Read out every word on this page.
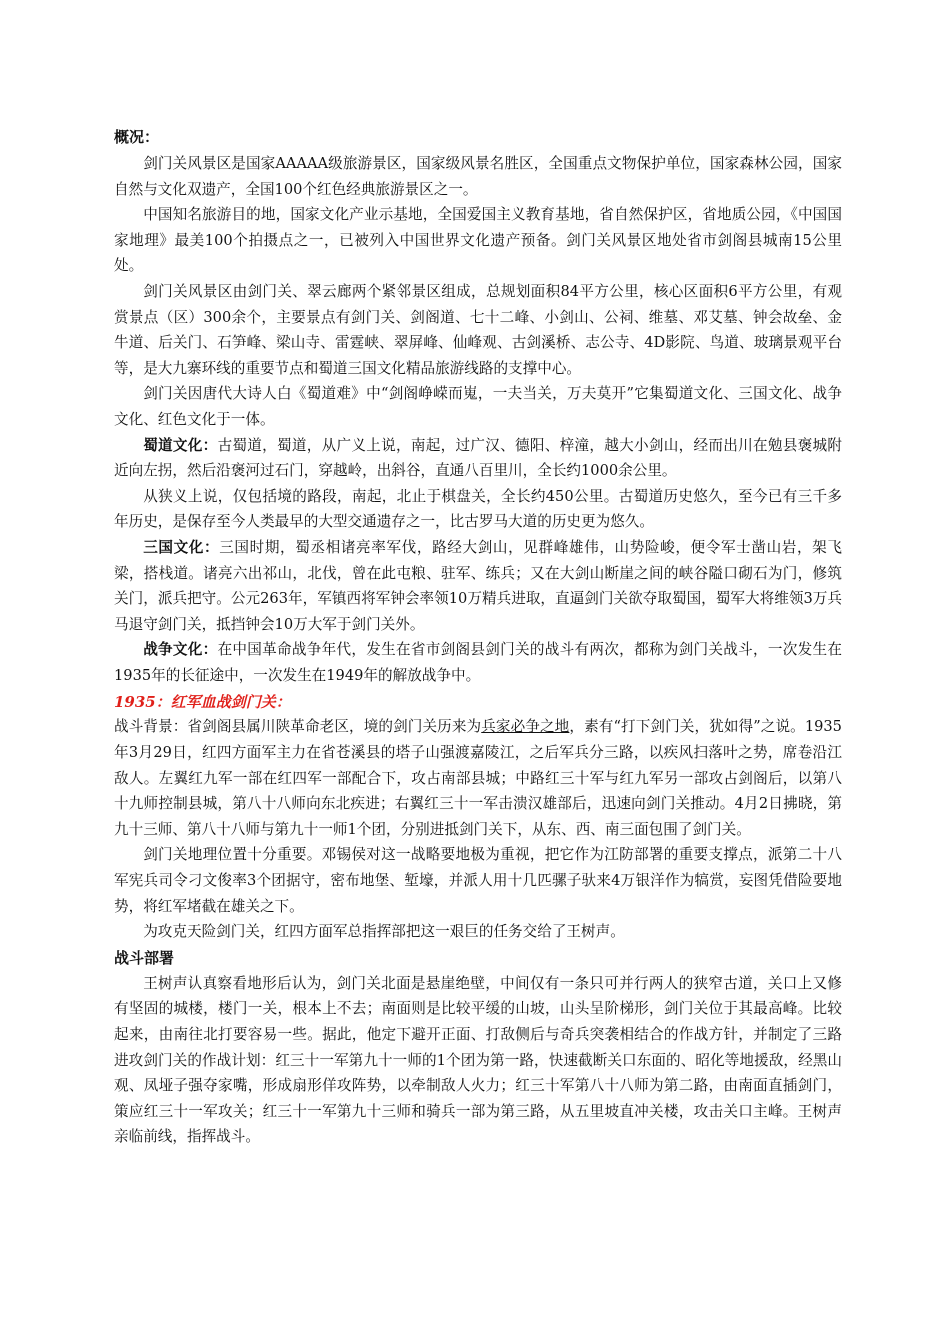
概况：

剑门关风景区是国家AAAAA级旅游景区，国家级风景名胜区，全国重点文物保护单位，国家森林公园，国家自然与文化双遗产，全国100个红色经典旅游景区之一。

中国知名旅游目的地，国家文化产业示基地，全国爱国主义教育基地，省自然保护区，省地质公园，《中国国家地理》最美100个拍摄点之一，已被列入中国世界文化遗产预备。剑门关风景区地处省市剑阁县城南15公里处。

剑门关风景区由剑门关、翠云廊两个紧邻景区组成，总规划面积84平方公里，核心区面积6平方公里，有观赏景点（区）300余个，主要景点有剑门关、剑阁道、七十二峰、小剑山、公祠、维墓、邓艾墓、钟会故垒、金牛道、后关门、石笋峰、梁山寺、雷霆峡、翠屏峰、仙峰观、古剑溪桥、志公寺、4D影院、鸟道、玻璃景观平台等，是大九寨环线的重要节点和蜀道三国文化精品旅游线路的支撑中心。

剑门关因唐代大诗人白《蜀道难》中“剑阁峥嵘而嵬，一夫当关，万夫莫开”它集蜀道文化、三国文化、战争文化、红色文化于一体。

蜀道文化：古蜀道，蜀道，从广义上说，南起，过广汉、德阳、梓潼，越大小剑山，经而出川在勉县褒城附近向左拐，然后沿褒河过石门，穿越岭，出斜谷，直通八百里川，全长约1000余公里。

从狭义上说，仅包括境的路段，南起，北止于棋盘关，全长约450公里。古蜀道历史悠久，至今已有三千多年历史，是保存至今人类最早的大型交通遗存之一，比古罗马大道的历史更为悠久。

三国文化：三国时期，蜀丞相诸亮率军伐，路经大剑山，见群峰雄伟，山势险峻，便令军士凿山岩，架飞梁，搭栈道。诸亮六出祁山，北伐，曾在此屯粮、驻军、练兵；又在大剑山断崖之间的峡谷隘口砌石为门，修筑关门，派兵把守。公元263年，军镇西将军钟会率领10万精兵进取，直逼剑门关欲夺取蜀国，蜀军大将维领3万兵马退守剑门关，抵挡钟会10万大军于剑门关外。

战争文化：在中国革命战争年代，发生在省市剑阁县剑门关的战斗有两次，都称为剑门关战斗，一次发生在1935年的长征途中，一次发生在1949年的解放战争中。

1935：红军血战剑门关：

战斗背景：省剑阁县属川陕革命老区，境的剑门关历来为兵家必争之地，素有“打下剑门关，犹如得”之说。1935年3月29日，红四方面军主力在省苍溪县的塔子山强渡嘉陵江，之后军兵分三路，以疾风扫落叶之势，席卷沿江敌人。左翼红九军一部在红四军一部配合下，攻占南部县城；中路红三十军与红九军另一部攻占剑阁后，以第八十九师控制县城，第八十八师向东北疾进；右翼红三十一军击溃汉雄部后，迅速向剑门关推动。4月2日拂晓，第九十三师、第八十八师与第九十一师1个团，分别进抵剑门关下，从东、西、南三面包围了剑门关。

剑门关地理位置十分重要。邓锡侯对这一战略要地极为重视，把它作为江防部署的重要支撑点，派第二十八军宪兵司令刁文俊率3个团据守，密布地堡、堑壕，并派人用十几匹骡子驮来4万银洋作为犒赏，妄图凭借险要地势，将红军堵截在雄关之下。

为攻克天险剑门关，红四方面军总指挥部把这一艰巨的任务交给了王树声。

战斗部署

王树声认真察看地形后认为，剑门关北面是悬崖绝壁，中间仅有一条只可并行两人的狭窄古道，关口上又修有坚固的城楼，楼门一关，根本上不去；南面则是比较平缓的山坡，山头呈阶梯形，剑门关位于其最高峰。比较起来，由南往北打要容易一些。据此，他定下避开正面、打敌侧后与奇兵突袭相结合的作战方针，并制定了三路进攻剑门关的作战计划：红三十一军第九十一师的1个团为第一路，快速截断关口东面的、昭化等地援敌，经黑山观、凤垭子强夺家嘴，形成扇形佯攻阵势，以牵制敌人火力；红三十军第八十八师为第二路，由南面直插剑门，策应红三十一军攻关；红三十一军第九十三师和骑兵一部为第三路，从五里坡直冲关楼，攻击关口主峰。王树声亲临前线，指挥战斗。
